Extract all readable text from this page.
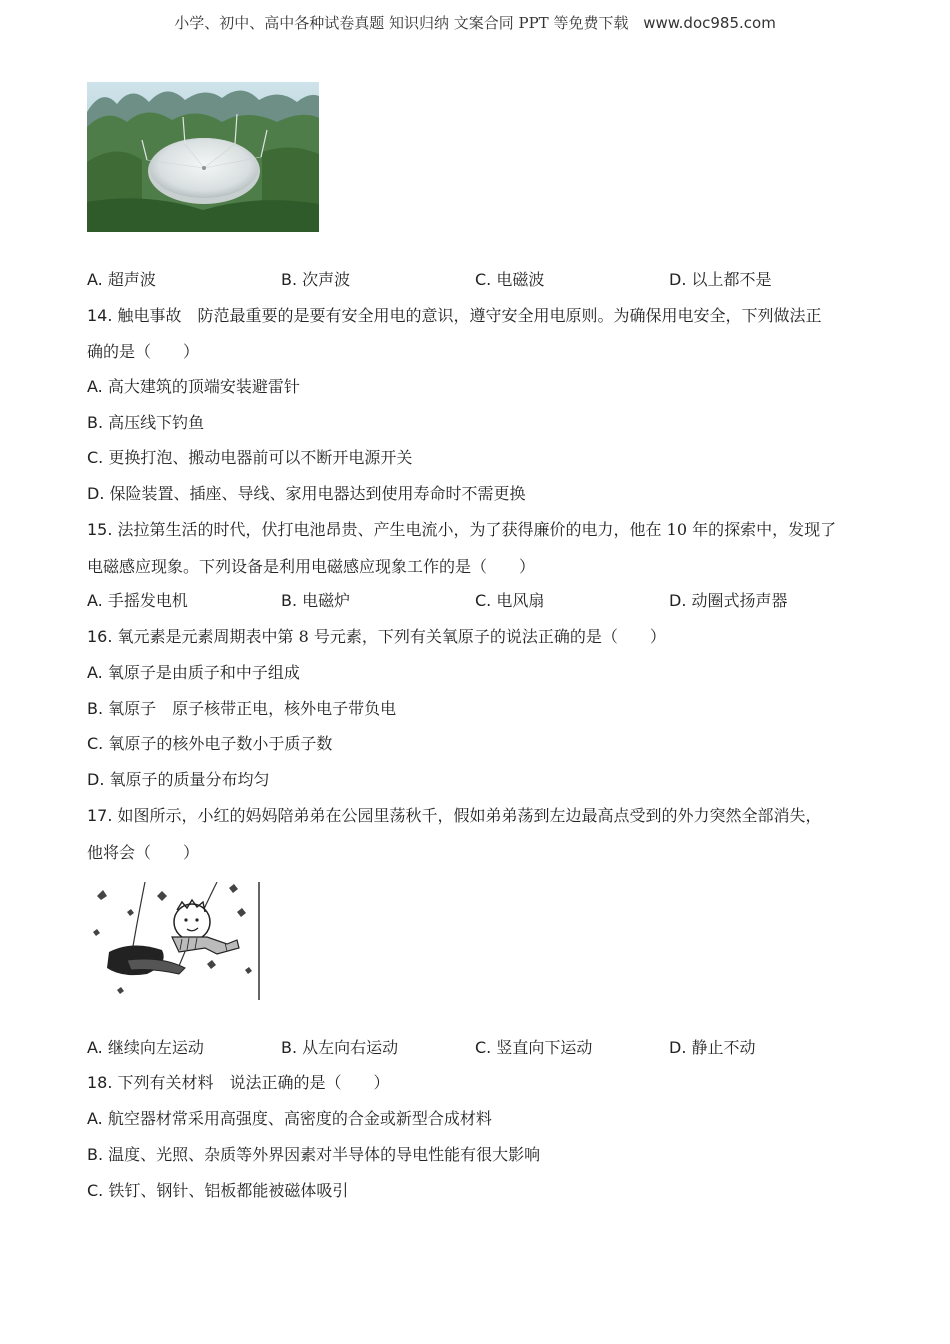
小学、初中、高中各种试卷真题 知识归纳 文案合同 PPT 等免费下载 www.doc985.com
A. 超声波	B. 次声波	C. 电磁波	D. 以上都不是
14. 触电事故　防范最重要的是要有安全用电的意识，遵守安全用电原则。为确保用电安全，下列做法正
确的是（　　）
A. 高大建筑的顶端安装避雷针
B. 高压线下钓鱼
C. 更换打泡、搬动电器前可以不断开电源开关
D. 保险装置、插座、导线、家用电器达到使用寿命时不需更换
15. 法拉第生活的时代，伏打电池昂贵、产生电流小，为了获得廉价的电力，他在 10 年的探索中，发现了
电磁感应现象。下列设备是利用电磁感应现象工作的是（　　）
A. 手摇发电机	B. 电磁炉	C. 电风扇	D. 动圈式扬声器
16. 氧元素是元素周期表中第 8 号元素，下列有关氧原子的说法正确的是（　　）
A. 氧原子是由质子和中子组成
B. 氧原子　原子核带正电，核外电子带负电
C. 氧原子的核外电子数小于质子数
D. 氧原子的质量分布均匀
17. 如图所示，小红的妈妈陪弟弟在公园里荡秋千，假如弟弟荡到左边最高点受到的外力突然全部消失，
他将会（　　）
A. 继续向左运动	B. 从左向右运动	C. 竖直向下运动	D. 静止不动
18. 下列有关材料　说法正确的是（　　）
A. 航空器材常采用高强度、高密度的合金或新型合成材料
B. 温度、光照、杂质等外界因素对半导体的导电性能有很大影响
C. 铁钉、钢针、铝板都能被磁体吸引
